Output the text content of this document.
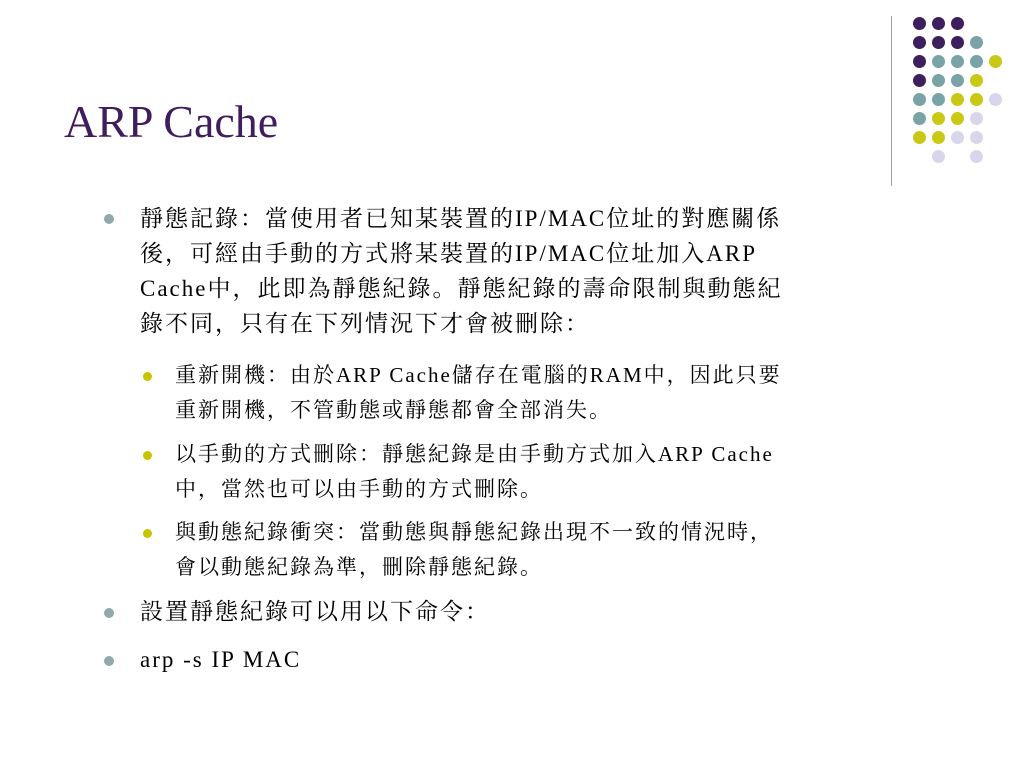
ARP Cache
靜態記錄：當使用者已知某裝置的IP/MAC位址的對應關係
後，可經由手動的方式將某裝置的IP/MAC位址加入ARP
Cache中，此即為靜態紀錄。靜態紀錄的壽命限制與動態紀
錄不同，只有在下列情況下才會被刪除：
重新開機：由於ARP Cache儲存在電腦的RAM中，因此只要
重新開機，不管動態或靜態都會全部消失。
以手動的方式刪除：靜態紀錄是由手動方式加入ARP Cache
中，當然也可以由手動的方式刪除。
與動態紀錄衝突：當動態與靜態紀錄出現不一致的情況時，
會以動態紀錄為準，刪除靜態紀錄。
設置靜態紀錄可以用以下命令：
arp -s IP MAC
